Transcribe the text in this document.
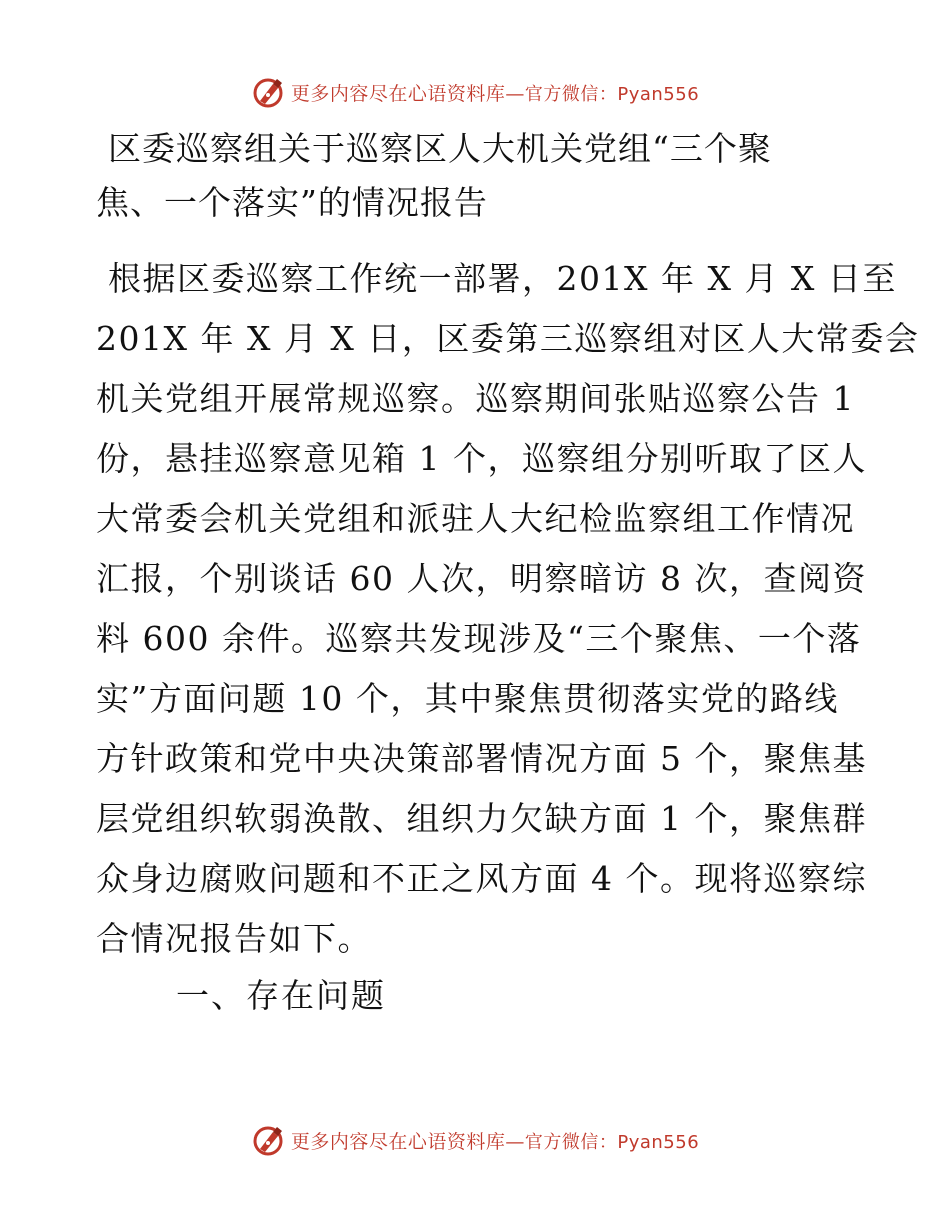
更多内容尽在心语资料库—官方微信：Pyan556
区委巡察组关于巡察区人大机关党组“三个聚
焦、一个落实”的情况报告
根据区委巡察工作统一部署，201X 年 X 月 X 日至
201X 年 X 月 X 日，区委第三巡察组对区人大常委会
机关党组开展常规巡察。巡察期间张贴巡察公告 1
份，悬挂巡察意见箱 1 个，巡察组分别听取了区人
大常委会机关党组和派驻人大纪检监察组工作情况
汇报，个别谈话 60 人次，明察暗访 8 次，查阅资
料 600 余件。巡察共发现涉及“三个聚焦、一个落
实”方面问题 10 个，其中聚焦贯彻落实党的路线
方针政策和党中央决策部署情况方面 5 个，聚焦基
层党组织软弱涣散、组织力欠缺方面 1 个，聚焦群
众身边腐败问题和不正之风方面 4 个。现将巡察综
合情况报告如下。
一、存在问题
更多内容尽在心语资料库—官方微信：Pyan556
